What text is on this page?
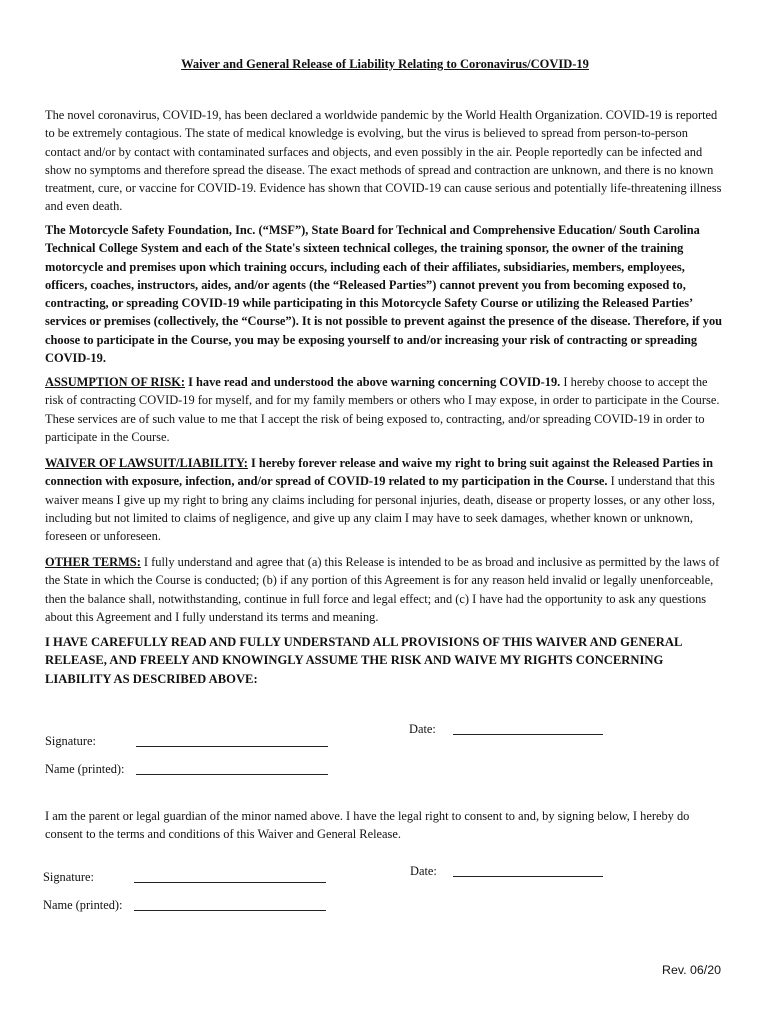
Waiver and General Release of Liability Relating to Coronavirus/COVID-19

The novel coronavirus, COVID-19, has been declared a worldwide pandemic by the World Health Organization. COVID-19 is reported to be extremely contagious. The state of medical knowledge is evolving, but the virus is believed to spread from person-to-person contact and/or by contact with contaminated surfaces and objects, and even possibly in the air. People reportedly can be infected and show no symptoms and therefore spread the disease. The exact methods of spread and contraction are unknown, and there is no known treatment, cure, or vaccine for COVID-19. Evidence has shown that COVID-19 can cause serious and potentially life-threatening illness and even death.

The Motorcycle Safety Foundation, Inc. (“MSF”), State Board for Technical and Comprehensive Education/ South Carolina Technical College System and each of the State's sixteen technical colleges, the training sponsor, the owner of the training motorcycle and premises upon which training occurs, including each of their affiliates, subsidiaries, members, employees, officers, coaches, instructors, aides, and/or agents (the “Released Parties”) cannot prevent you from becoming exposed to, contracting, or spreading COVID-19 while participating in this Motorcycle Safety Course or utilizing the Released Parties’ services or premises (collectively, the “Course”). It is not possible to prevent against the presence of the disease. Therefore, if you choose to participate in the Course, you may be exposing yourself to and/or increasing your risk of contracting or spreading COVID-19.

ASSUMPTION OF RISK: I have read and understood the above warning concerning COVID-19. I hereby choose to accept the risk of contracting COVID-19 for myself, and for my family members or others who I may expose, in order to participate in the Course. These services are of such value to me that I accept the risk of being exposed to, contracting, and/or spreading COVID-19 in order to participate in the Course.

WAIVER OF LAWSUIT/LIABILITY: I hereby forever release and waive my right to bring suit against the Released Parties in connection with exposure, infection, and/or spread of COVID-19 related to my participation in the Course. I understand that this waiver means I give up my right to bring any claims including for personal injuries, death, disease or property losses, or any other loss, including but not limited to claims of negligence, and give up any claim I may have to seek damages, whether known or unknown, foreseen or unforeseen.

OTHER TERMS: I fully understand and agree that (a) this Release is intended to be as broad and inclusive as permitted by the laws of the State in which the Course is conducted; (b) if any portion of this Agreement is for any reason held invalid or legally unenforceable, then the balance shall, notwithstanding, continue in full force and legal effect; and (c) I have had the opportunity to ask any questions about this Agreement and I fully understand its terms and meaning.

I HAVE CAREFULLY READ AND FULLY UNDERSTAND ALL PROVISIONS OF THIS WAIVER AND GENERAL RELEASE, AND FREELY AND KNOWINGLY ASSUME THE RISK AND WAIVE MY RIGHTS CONCERNING LIABILITY AS DESCRIBED ABOVE:

Signature:
Date:
Name (printed):

I am the parent or legal guardian of the minor named above. I have the legal right to consent to and, by signing below, I hereby do consent to the terms and conditions of this Waiver and General Release.

Signature:	Date:
Name (printed):
Rev. 06/20
